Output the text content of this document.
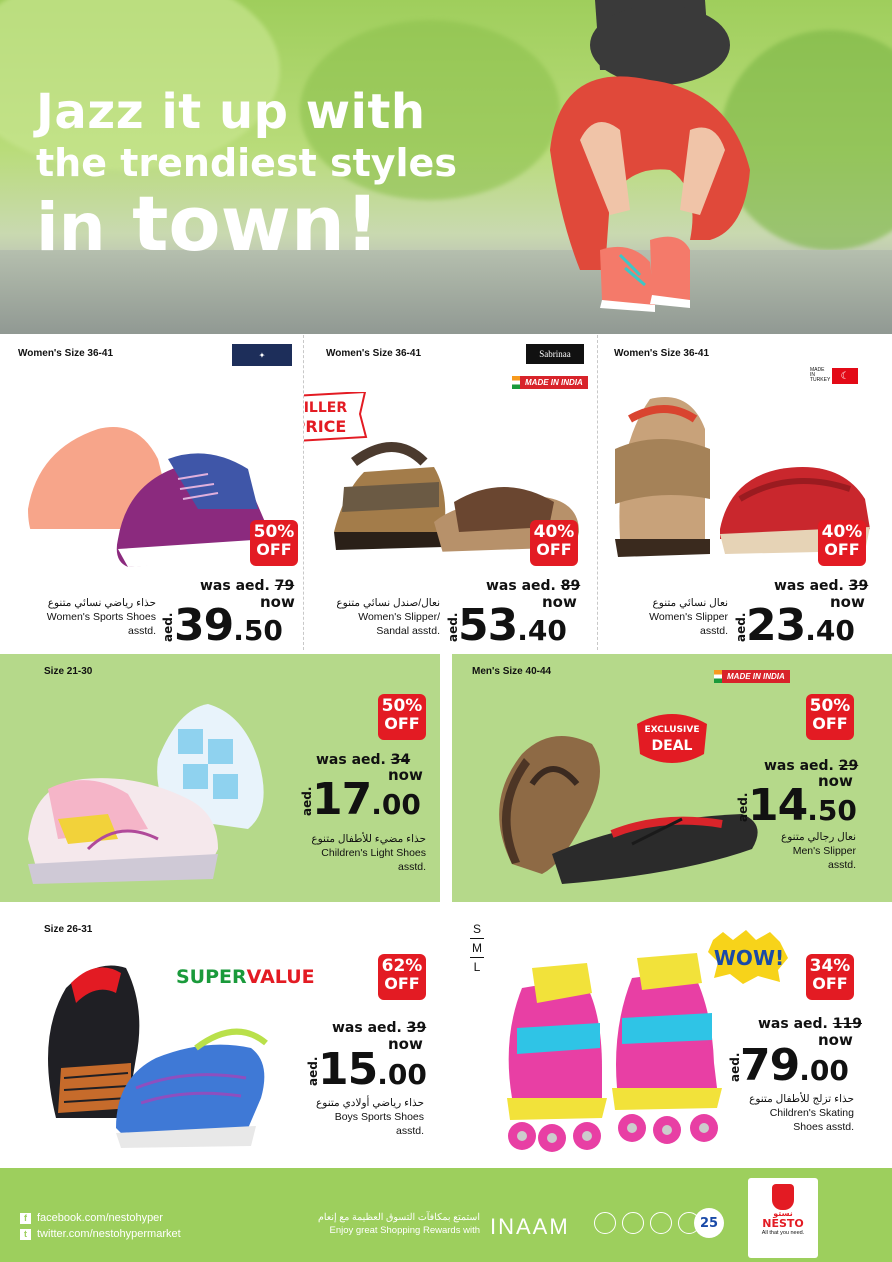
Jazz it up with
the trendiest styles
in town!
Women's Size 36-41	✦
50%
OFF
was aed. 79
now
aed. 39.50
حذاء رياضي نسائي متنوع
Women's Sports Shoes
asstd.
Women's Size 36-41	Sabrinaa
MADE IN INDIA
KILLER
PRICE
40%
OFF
was aed. 89
now
aed.
53.40
نعال/صندل نسائي متنوع
Women's Slipper/
Sandal asstd.
Women's Size 36-41
MADE IN TURKEY	☾
40%
OFF
was aed. 39
now
aed.
23.40
نعال نسائي متنوع
Women's Slipper
asstd.
Size 21-30
50%
OFF
was aed. 34
now
aed.
17.00
حذاء مضيء للأطفال متنوع
Children's Light Shoes
asstd.
Men's Size 40-44	MADE IN INDIA
EXCLUSIVE
DEAL
50%
OFF
was aed. 29
now
aed.
14.50
نعال رجالي متنوع
Men's Slipper
asstd.
Size 26-31
SUPERVALUE	62%
OFF
was aed. 39
now
aed.
15.00
حذاء رياضي أولادي متنوع
Boys Sports Shoes
asstd.
S
M
L	WOW! 34%
OFF
was aed. 119
now
aed.
79.00
حذاء تزلج للأطفال متنوع
Children's Skating
Shoes asstd.
f facebook.com/nestohyper
t twitter.com/nestohypermarket
استمتع بمكافآت التسوق العظيمة مع إنعام
Enjoy great Shopping Rewards with INAAM	25
نستو
NESTO
All that you need.
